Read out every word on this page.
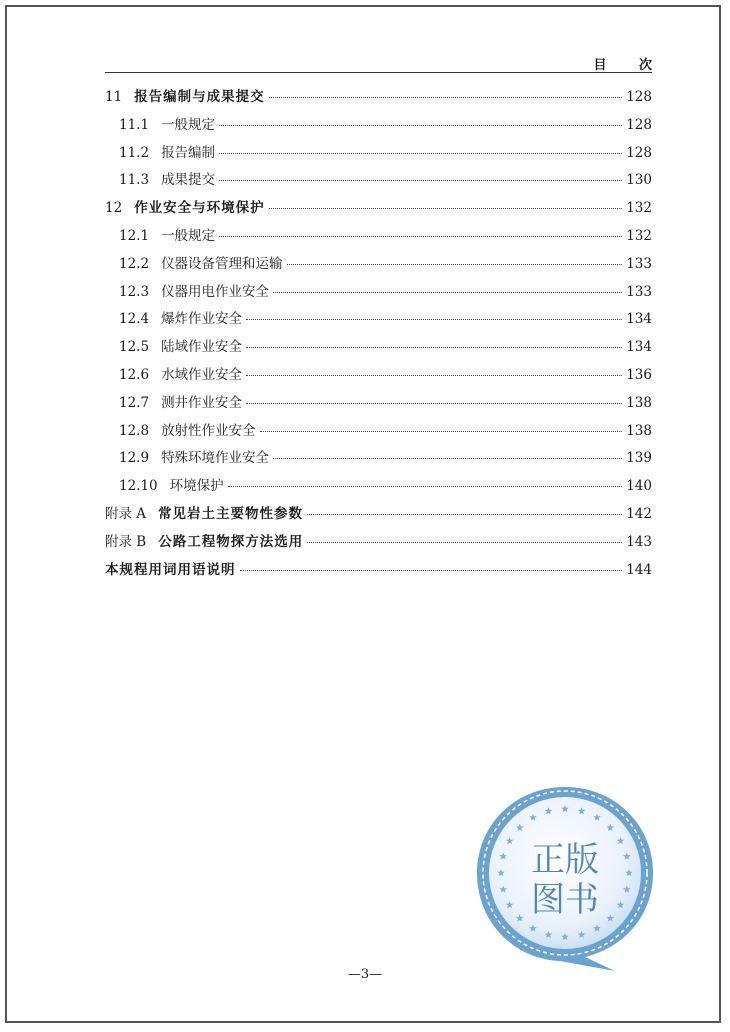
目 次
11 报告编制与成果提交	128
11.1 一般规定	128
11.2 报告编制	128
11.3 成果提交	130
12 作业安全与环境保护	132
12.1 一般规定	132
12.2 仪器设备管理和运输	133
12.3 仪器用电作业安全	133
12.4 爆炸作业安全	134
12.5 陆域作业安全	134
12.6 水域作业安全	136
12.7 测井作业安全	138
12.8 放射性作业安全	138
12.9 特殊环境作业安全	139
12.10 环境保护	140
附录 A 常见岩土主要物性参数	142
附录 B 公路工程物探方法选用	143
本规程用词用语说明	144
正版
图书
—3—
